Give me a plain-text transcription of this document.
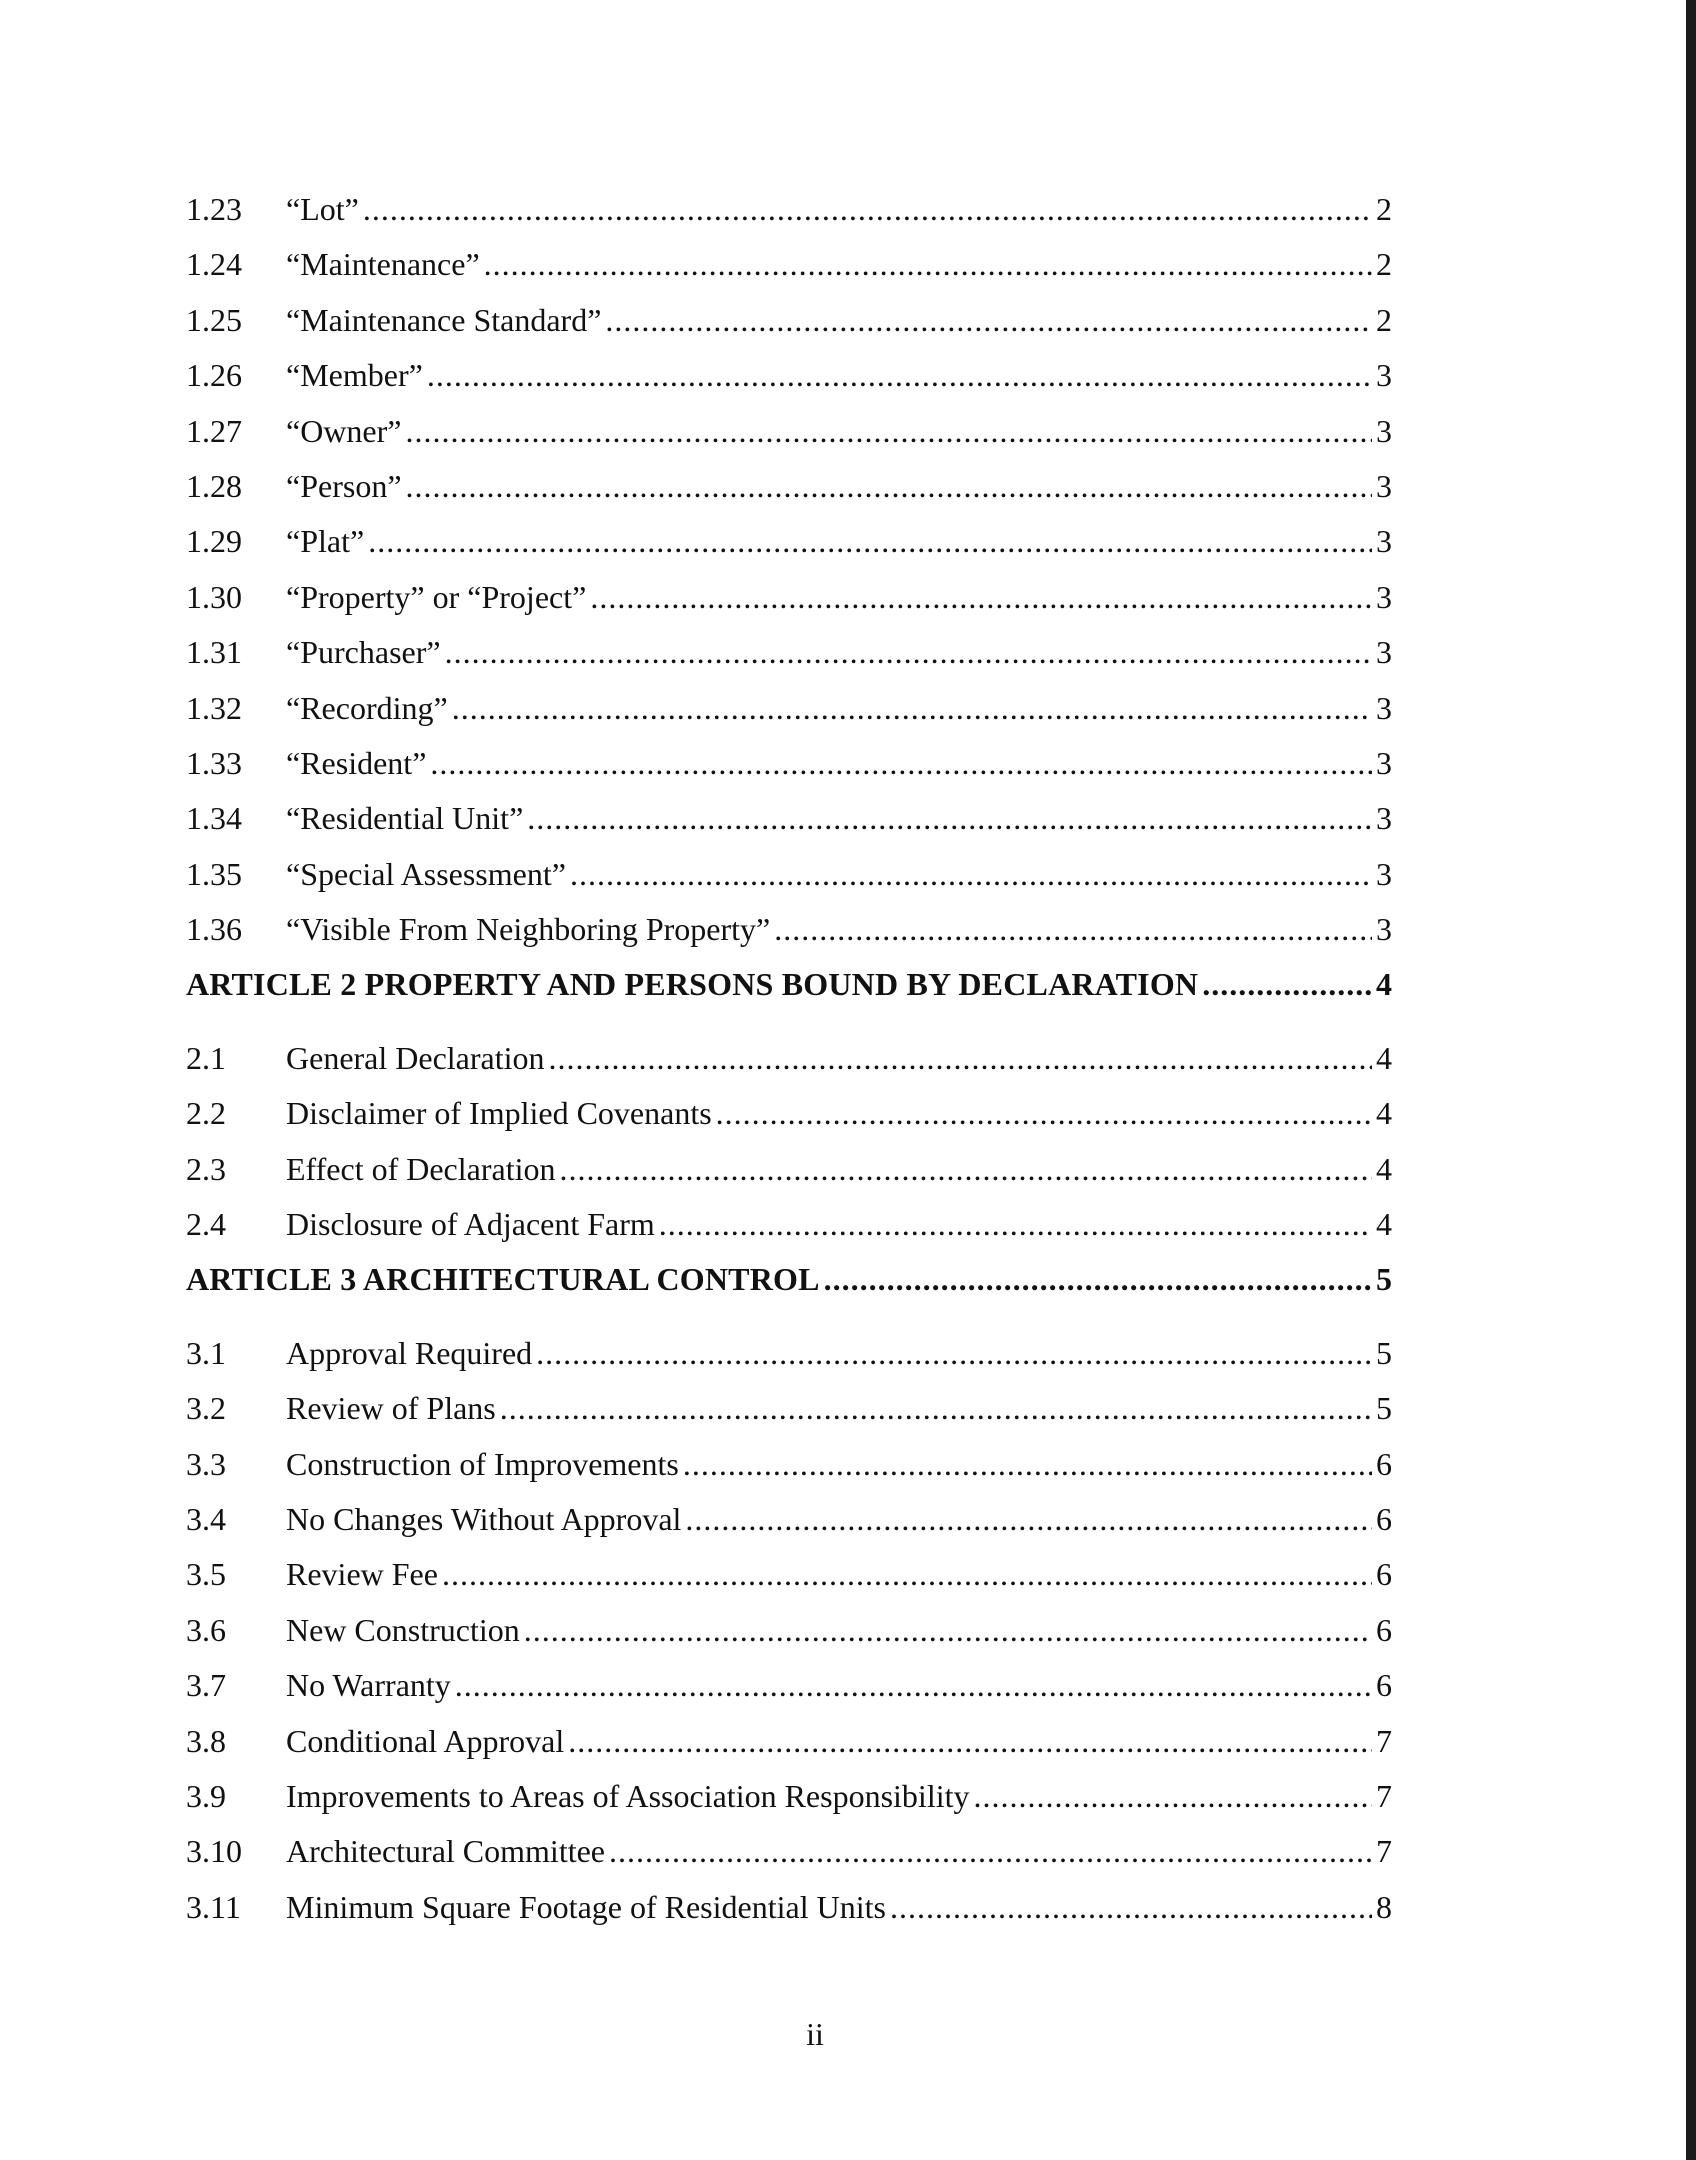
1.23	“Lot” .....	2
1.24	“Maintenance” .....	2
1.25	“Maintenance Standard” .....	2
1.26	“Member” .....	3
1.27	“Owner” .....	3
1.28	“Person” .....	3
1.29	“Plat” .....	3
1.30	“Property” or “Project” .....	3
1.31	“Purchaser” .....	3
1.32	“Recording” .....	3
1.33	“Resident” .....	3
1.34	“Residential Unit” .....	3
1.35	“Special Assessment” .....	3
1.36	“Visible From Neighboring Property” .....	3
ARTICLE 2 PROPERTY AND PERSONS BOUND BY DECLARATION .....	4
2.1	General Declaration .....	4
2.2	Disclaimer of Implied Covenants .....	4
2.3	Effect of Declaration .....	4
2.4	Disclosure of Adjacent Farm .....	4
ARTICLE 3 ARCHITECTURAL CONTROL .....	5
3.1	Approval Required .....	5
3.2	Review of Plans .....	5
3.3	Construction of Improvements .....	6
3.4	No Changes Without Approval .....	6
3.5	Review Fee .....	6
3.6	New Construction .....	6
3.7	No Warranty .....	6
3.8	Conditional Approval .....	7
3.9	Improvements to Areas of Association Responsibility .....	7
3.10	Architectural Committee .....	7
3.11	Minimum Square Footage of Residential Units .....	8
ii
